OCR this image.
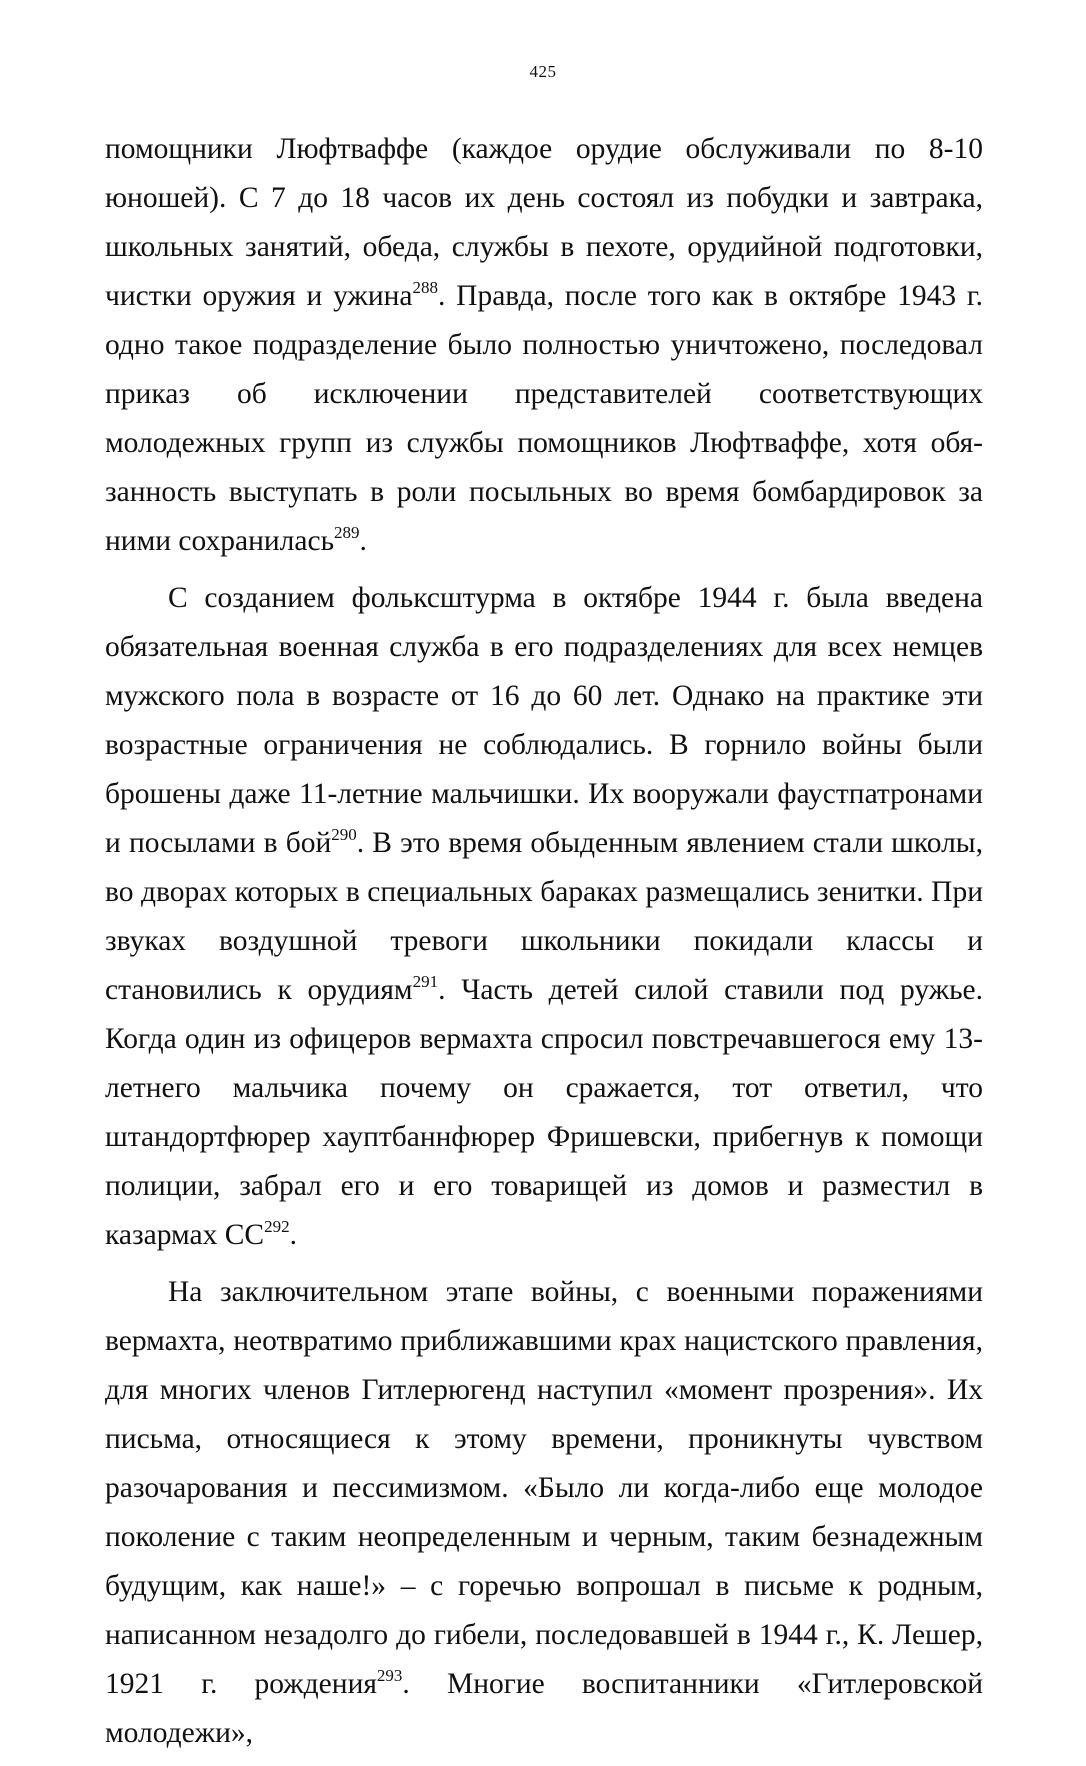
425

помощники Люфтваффе (каждое орудие обслуживали по 8-10 юношей). С 7 до 18 часов их день состоял из побудки и завтрака, школьных занятий, обеда, службы в пехоте, орудийной подготовки, чистки оружия и ужина$^{288}$. Правда, после того как в октябре 1943 г. одно такое подразделение было полностью уничтожено, последовал приказ об исключении представителей соответствующих молодежных групп из службы помощников Люфтваффе, хотя обязанность выступать в роли посыльных во время бомбардировок за ними сохранилась$^{289}$.

С созданием фольксштурма в октябре 1944 г. была введена обязательная военная служба в его подразделениях для всех немцев мужского пола в возрасте от 16 до 60 лет. Однако на практике эти возрастные ограничения не соблюдались. В горнило войны были брошены даже 11-летние мальчишки. Их вооружали фаустпатронами и посылами в бой$^{290}$. В это время обыденным явлением стали школы, во дворах которых в специальных бараках размещались зенитки. При звуках воздушной тревоги школьники покидали классы и становились к орудиям$^{291}$. Часть детей силой ставили под ружье. Когда один из офицеров вермахта спросил повстречавшегося ему 13-летнего мальчика почему он сражается, тот ответил, что штандортфюрер хауптбаннфюрер Фришевски, прибегнув к помощи полиции, забрал его и его товарищей из домов и разместил в казармах СС$^{292}$.

На заключительном этапе войны, с военными поражениями вермахта, неотвратимо приближавшими крах нацистского правления, для многих членов Гитлерюгенд наступил «момент прозрения». Их письма, относящиеся к этому времени, проникнуты чувством разочарования и пессимизмом. «Было ли когда-либо еще молодое поколение с таким неопределенным и черным, таким безнадежным будущим, как наше!» – с горечью вопрошал в письме к родным, написанном незадолго до гибели, последовавшей в 1944 г., К. Лешер, 1921 г. рождения$^{293}$. Многие воспитанники «Гитлеровской молодежи»,
